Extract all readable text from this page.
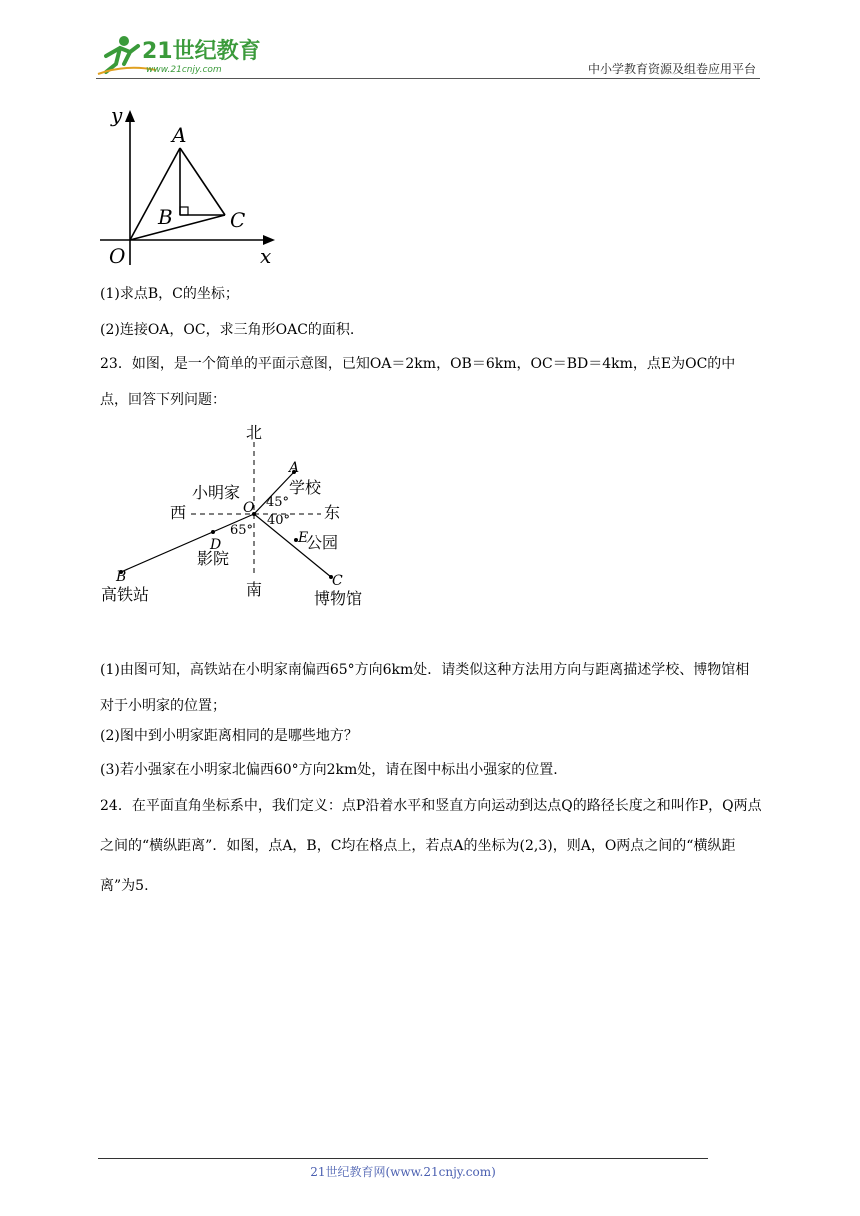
21世纪教育
www.21cnjy.com	中小学教育资源及组卷应用平台
y
A
B	C
O	x
(1)求点B，C的坐标；
(2)连接OA，OC，求三角形OAC的面积.
23．如图，是一个简单的平面示意图，已知OA＝2km，OB＝6km，OC＝BD＝4km，点E为OC的中点，回答下列问题：
北
南
西	东
小明家	学校
公园
博物馆
影院
高铁站
45°
40°
65°
A
B	C
D	E
O
(1)由图可知，高铁站在小明家南偏西65°方向6km处．请类似这种方法用方向与距离描述学校、博物馆相对于小明家的位置；
(2)图中到小明家距离相同的是哪些地方？
(3)若小强家在小明家北偏西60°方向2km处，请在图中标出小强家的位置.
24．在平面直角坐标系中，我们定义：点P沿着水平和竖直方向运动到达点Q的路径长度之和叫作P，Q两点之间的“横纵距离”．如图，点A，B，C均在格点上，若点A的坐标为(2,3)，则A，O两点之间的“横纵距离”为5.
21世纪教育网(www.21cnjy.com)
